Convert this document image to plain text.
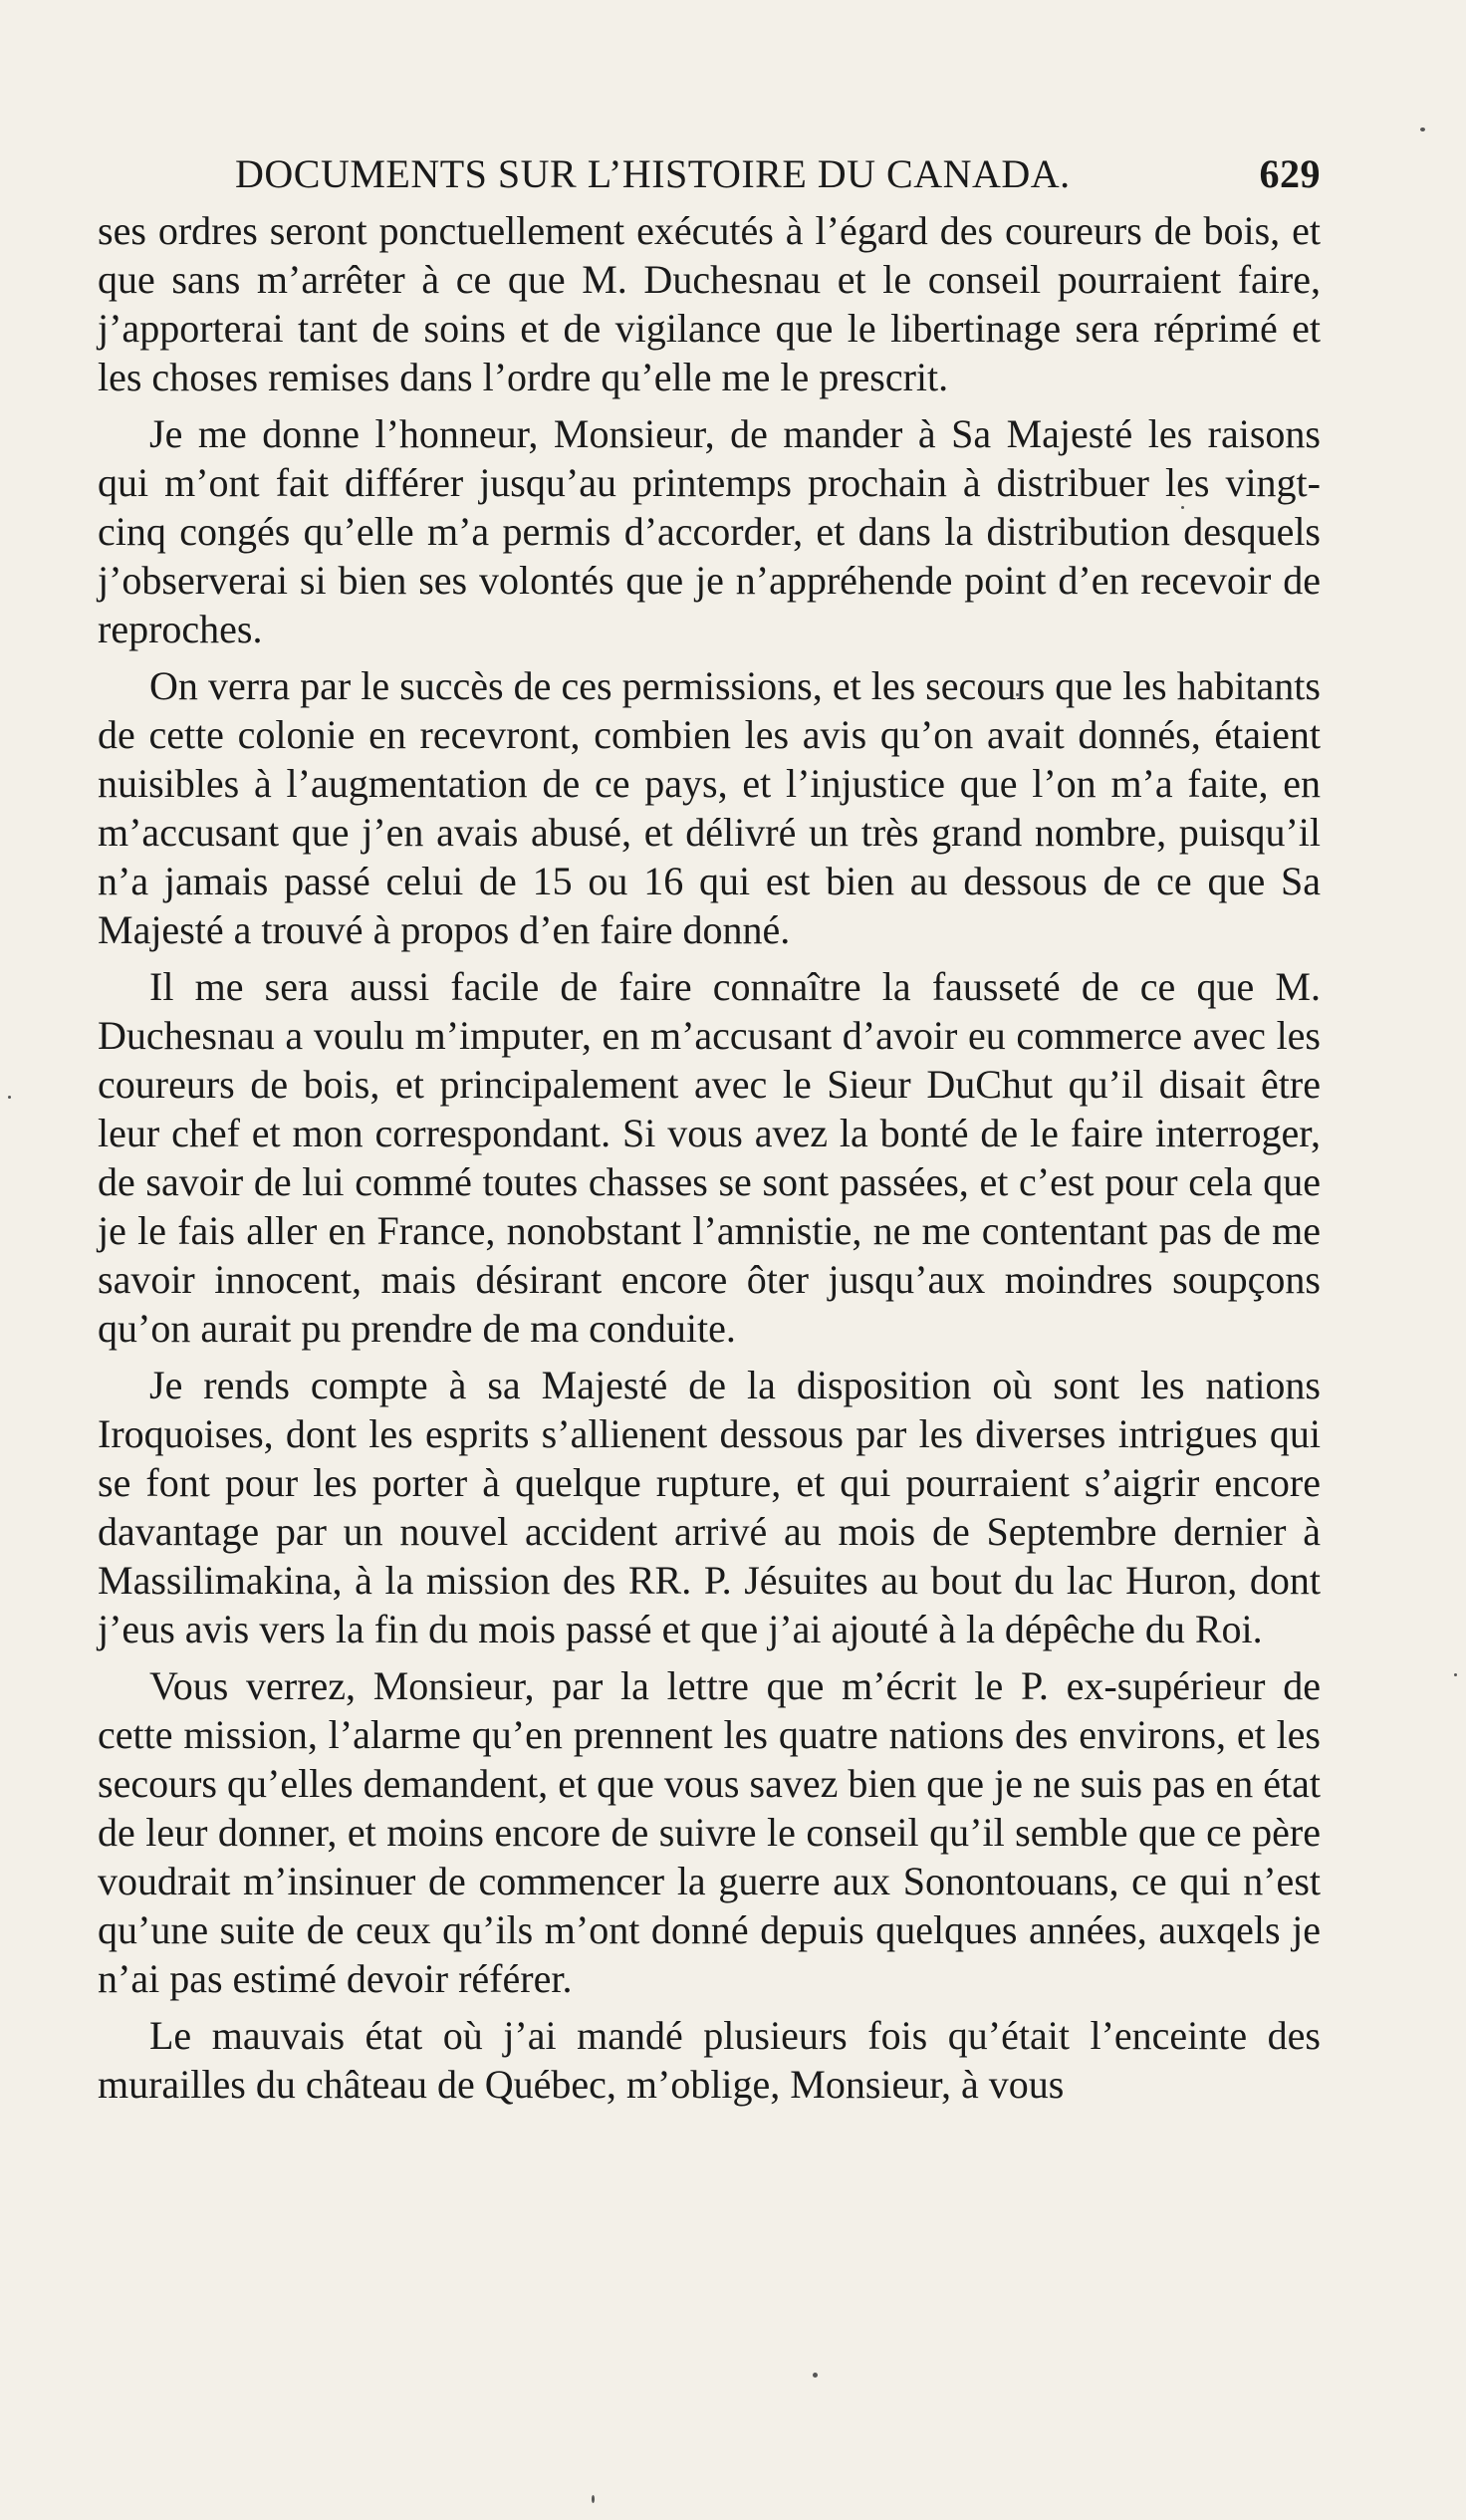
DOCUMENTS SUR L’HISTOIRE DU CANADA.	629

ses ordres seront ponctuellement exécutés à l’égard des coureurs de bois, et que sans m’arrêter à ce que M. Duchesnau et le conseil pourraient faire, j’apporterai tant de soins et de vigilance que le libertinage sera réprimé et les choses remises dans l’ordre qu’elle me le prescrit.

Je me donne l’honneur, Monsieur, de mander à Sa Majesté les raisons qui m’ont fait différer jusqu’au printemps prochain à distribuer les vingt-cinq congés qu’elle m’a permis d’accorder, et dans la distribution desquels j’observerai si bien ses volontés que je n’appréhende point d’en recevoir de reproches.

On verra par le succès de ces permissions, et les secours que les habitants de cette colonie en recevront, combien les avis qu’on avait donnés, étaient nuisibles à l’augmentation de ce pays, et l’injustice que l’on m’a faite, en m’accusant que j’en avais abusé, et délivré un très grand nombre, puisqu’il n’a jamais passé celui de 15 ou 16 qui est bien au dessous de ce que Sa Majesté a trouvé à propos d’en faire donné.

Il me sera aussi facile de faire connaître la fausseté de ce que M. Duchesnau a voulu m’imputer, en m’accusant d’avoir eu commerce avec les coureurs de bois, et principalement avec le Sieur DuChut qu’il disait être leur chef et mon correspondant. Si vous avez la bonté de le faire interroger, de savoir de lui commé toutes chasses se sont passées, et c’est pour cela que je le fais aller en France, nonobstant l’amnistie, ne me contentant pas de me savoir innocent, mais désirant encore ôter jusqu’aux moindres soupçons qu’on aurait pu prendre de ma conduite.

Je rends compte à sa Majesté de la disposition où sont les nations Iroquoises, dont les esprits s’allienent dessous par les diverses intrigues qui se font pour les porter à quelque rupture, et qui pourraient s’aigrir encore davantage par un nouvel accident arrivé au mois de Septembre dernier à Massilimakina, à la mission des RR. P. Jésuites au bout du lac Huron, dont j’eus avis vers la fin du mois passé et que j’ai ajouté à la dépêche du Roi.

Vous verrez, Monsieur, par la lettre que m’écrit le P. ex-supérieur de cette mission, l’alarme qu’en prennent les quatre nations des environs, et les secours qu’elles demandent, et que vous savez bien que je ne suis pas en état de leur donner, et moins encore de suivre le conseil qu’il semble que ce père voudrait m’insinuer de commencer la guerre aux Sonontouans, ce qui n’est qu’une suite de ceux qu’ils m’ont donné depuis quelques années, auxqels je n’ai pas estimé devoir référer.

Le mauvais état où j’ai mandé plusieurs fois qu’était l’enceinte des murailles du château de Québec, m’oblige, Monsieur, à vous
